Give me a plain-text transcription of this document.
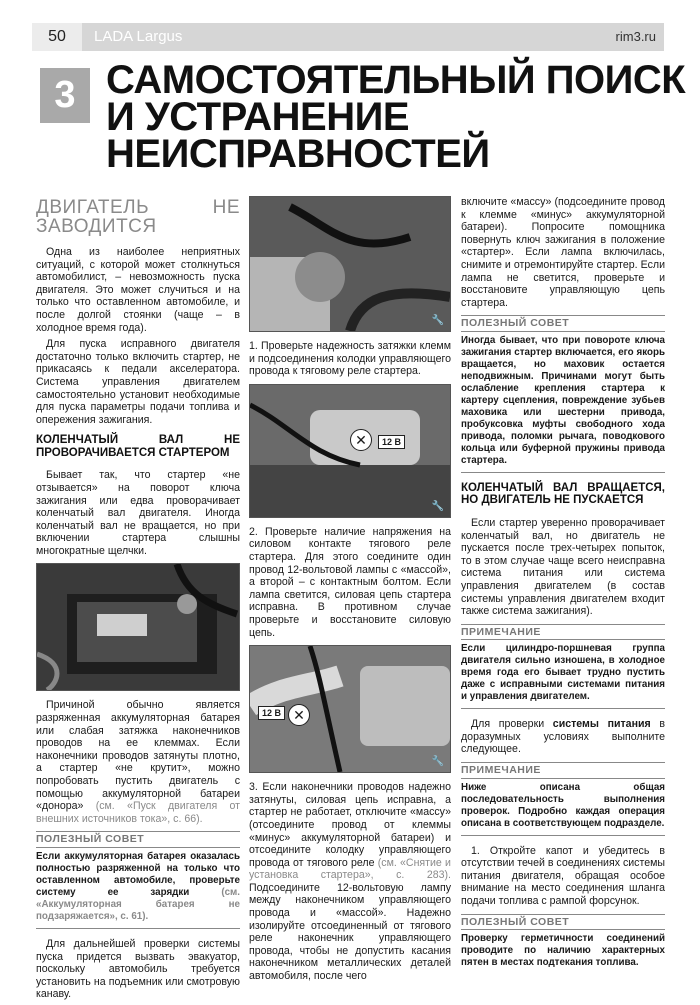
50	LADA Largus	rim3.ru
3 САМОСТОЯТЕЛЬНЫЙ ПОИСК И УСТРАНЕНИЕ НЕИСПРАВНОСТЕЙ
ДВИГАТЕЛЬ НЕ ЗАВОДИТСЯ

Одна из наиболее неприятных ситуаций, с которой может столкнуться автомобилист, – невозможность пуска двигателя. Это может случиться и на только что оставленном автомобиле, и после долгой стоянки (чаще – в холодное время года).

Для пуска исправного двигателя достаточно только включить стартер, не прикасаясь к педали акселератора. Система управления двигателем самостоятельно установит необходимые для пуска параметры подачи топлива и опережения зажигания.

КОЛЕНЧАТЫЙ ВАЛ НЕ ПРОВОРАЧИВАЕТСЯ СТАРТЕРОМ

Бывает так, что стартер «не отзывается» на поворот ключа зажигания или едва проворачивает коленчатый вал двигателя. Иногда коленчатый вал не вращается, но при включении стартера слышны многократные щелчки.

Причиной обычно является разряженная аккумуляторная батарея или слабая затяжка наконечников проводов на ее клеммах. Если наконечники проводов затянуты плотно, а стартер «не крутит», можно попробовать пустить двигатель с помощью аккумуляторной батареи «донора» (см. «Пуск двигателя от внешних источников тока», с. 66).

ПОЛЕЗНЫЙ СОВЕТ
Если аккумуляторная батарея оказалась полностью разряженной на только что оставленном автомобиле, проверьте систему ее зарядки	(см. «Аккумуляторная батарея не подзаряжается», с. 61).

Для дальнейшей проверки системы пуска придется вызвать эвакуатор, поскольку автомобиль требуется установить на подъемник или смотровую канаву.

🔧

1. Проверьте надежность затяжки клемм и подсоединения колодки управляющего провода к тяговому реле стартера.

✕	12 В
🔧

2. Проверьте наличие напряжения на силовом контакте тягового реле стартера. Для этого соедините один провод 12-вольтовой лампы с «массой», а второй – с контактным болтом. Если лампа светится, силовая цепь стартера исправна. В противном случае проверьте и восстановите силовую цепь.

✕
12 В
🔧

3. Если наконечники проводов надежно затянуты, силовая цепь исправна, а стартер не работает, отключите «массу» (отсоедините провод от клеммы «минус» аккумуляторной батареи) и отсоедините колодку управляющего провода от тягового реле (см. «Снятие и установка стартера», с. 283). Подсоедините 12-вольтовую лампу между наконечником управляющего провода и «массой». Надежно изолируйте отсоединенный от тягового реле наконечник управляющего провода, чтобы не допустить касания наконечником металлических деталей автомобиля, после чего

включите «массу» (подсоедините провод к клемме «минус» аккумуляторной батареи). Попросите помощника повернуть ключ зажигания в положение «стартер». Если лампа включилась, снимите и отремонтируйте стартер. Если лампа не светится, проверьте и восстановите управляющую цепь стартера.

ПОЛЕЗНЫЙ СОВЕТ
Иногда бывает, что при повороте ключа зажигания стартер включается, его якорь вращается, но маховик остается неподвижным. Причинами могут быть ослабление крепления стартера к картеру сцепления, повреждение зубьев маховика или шестерни привода, пробуксовка муфты свободного хода привода, поломки рычага, поводкового кольца или буферной пружины привода стартера.
КОЛЕНЧАТЫЙ ВАЛ ВРАЩАЕТСЯ, НО ДВИГАТЕЛЬ НЕ ПУСКАЕТСЯ

Если стартер уверенно проворачивает коленчатый вал, но двигатель не пускается после трех-четырех попыток, то в этом случае чаще всего неисправна система питания или система управления двигателем (в состав системы управления двигателем входит также система зажигания).

ПРИМЕЧАНИЕ
Если цилиндро-поршневая группа двигателя сильно изношена, в холодное время года его бывает трудно пустить даже с исправными системами питания и управления двигателем.

Для проверки системы питания в доразумных условиях выполните следующее.

ПРИМЕЧАНИЕ
Ниже описана общая последовательность выполнения проверок. Подробно каждая операция описана в соответствующем подразделе.

1. Откройте капот и убедитесь в отсутствии течей в соединениях системы питания двигателя, обращая особое внимание на место соединения шланга подачи топлива с рампой форсунок.

ПОЛЕЗНЫЙ СОВЕТ
Проверку герметичности соединений проводите по наличию характерных пятен в местах подтекания топлива.
